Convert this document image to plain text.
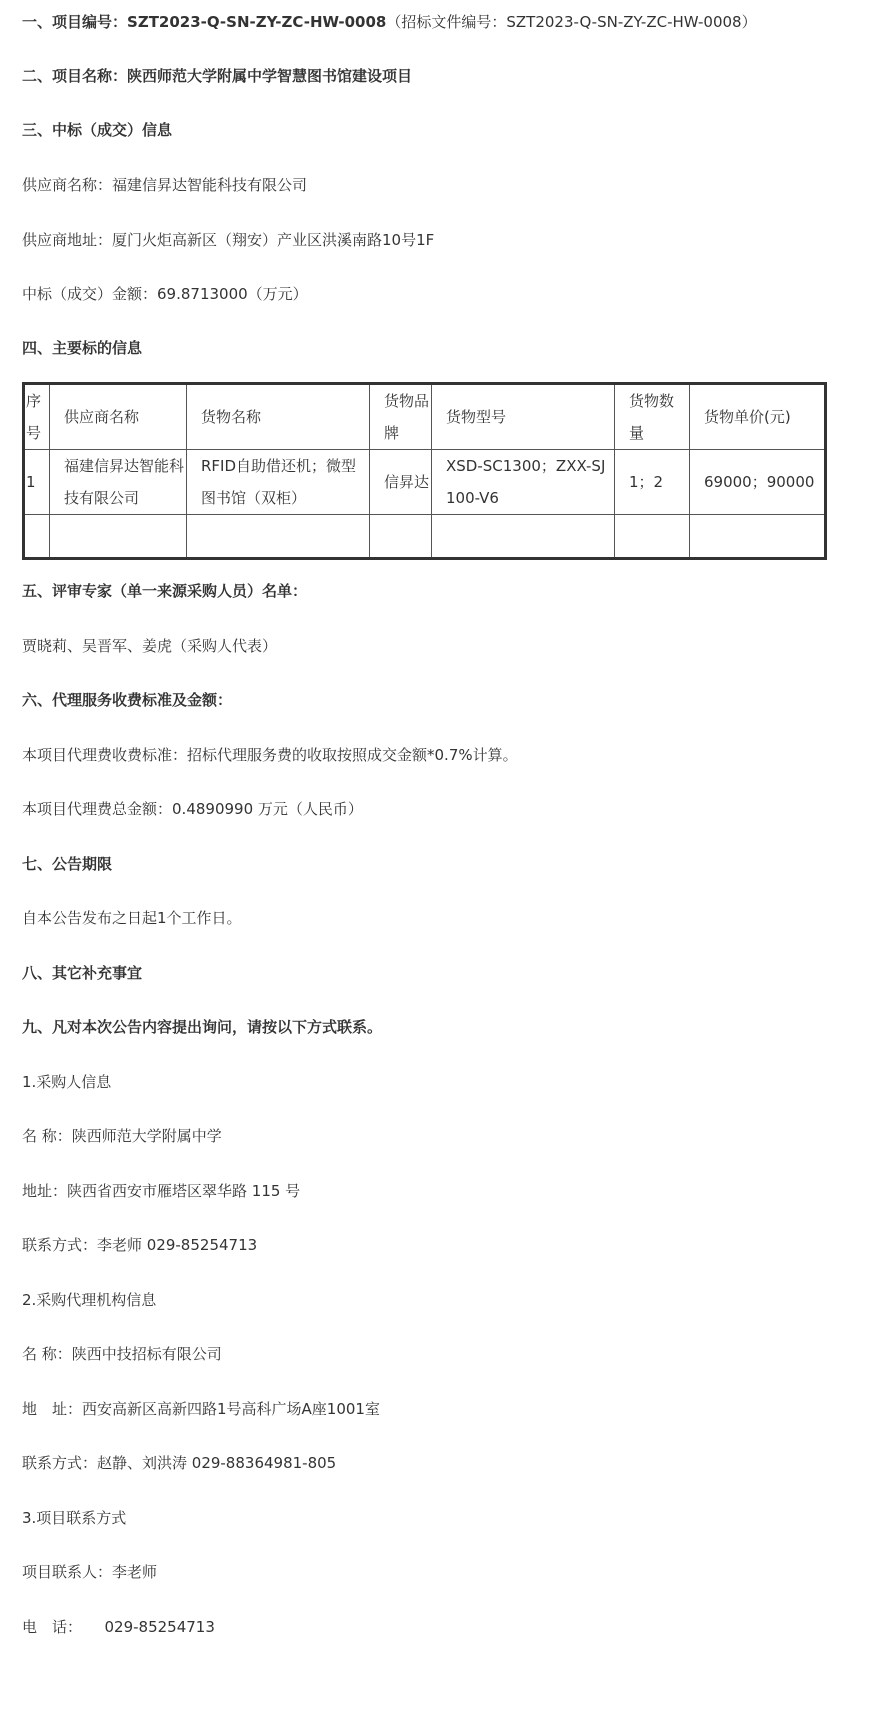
一、项目编号：SZT2023-Q-SN-ZY-ZC-HW-0008（招标文件编号：SZT2023-Q-SN-ZY-ZC-HW-0008）
二、项目名称：陕西师范大学附属中学智慧图书馆建设项目
三、中标（成交）信息
供应商名称：福建信昇达智能科技有限公司
供应商地址：厦门火炬高新区（翔安）产业区洪溪南路10号1F
中标（成交）金额：69.8713000（万元）
四、主要标的信息
序号	供应商名称	货物名称	货物品牌	货物型号	货物数量	货物单价(元)
1	福建信昇达智能科技有限公司	RFID自助借还机；微型图书馆（双柜）	信昇达	XSD-SC1300；ZXX-SJ100-V6	1；2	69000；90000

五、评审专家（单一来源采购人员）名单：
贾晓莉、吴晋军、姜虎（采购人代表）
六、代理服务收费标准及金额：
本项目代理费收费标准：招标代理服务费的收取按照成交金额*0.7%计算。
本项目代理费总金额：0.4890990 万元（人民币）
七、公告期限
自本公告发布之日起1个工作日。
八、其它补充事宜
九、凡对本次公告内容提出询问，请按以下方式联系。
1.采购人信息
名 称：陕西师范大学附属中学
地址：陕西省西安市雁塔区翠华路 115 号
联系方式：李老师 029-85254713
2.采购代理机构信息
名 称：陕西中技招标有限公司
地　址：西安高新区高新四路1号高科广场A座1001室
联系方式：赵静、刘洪涛 029-88364981-805
3.项目联系方式
项目联系人：李老师
电　话：　　029-85254713
